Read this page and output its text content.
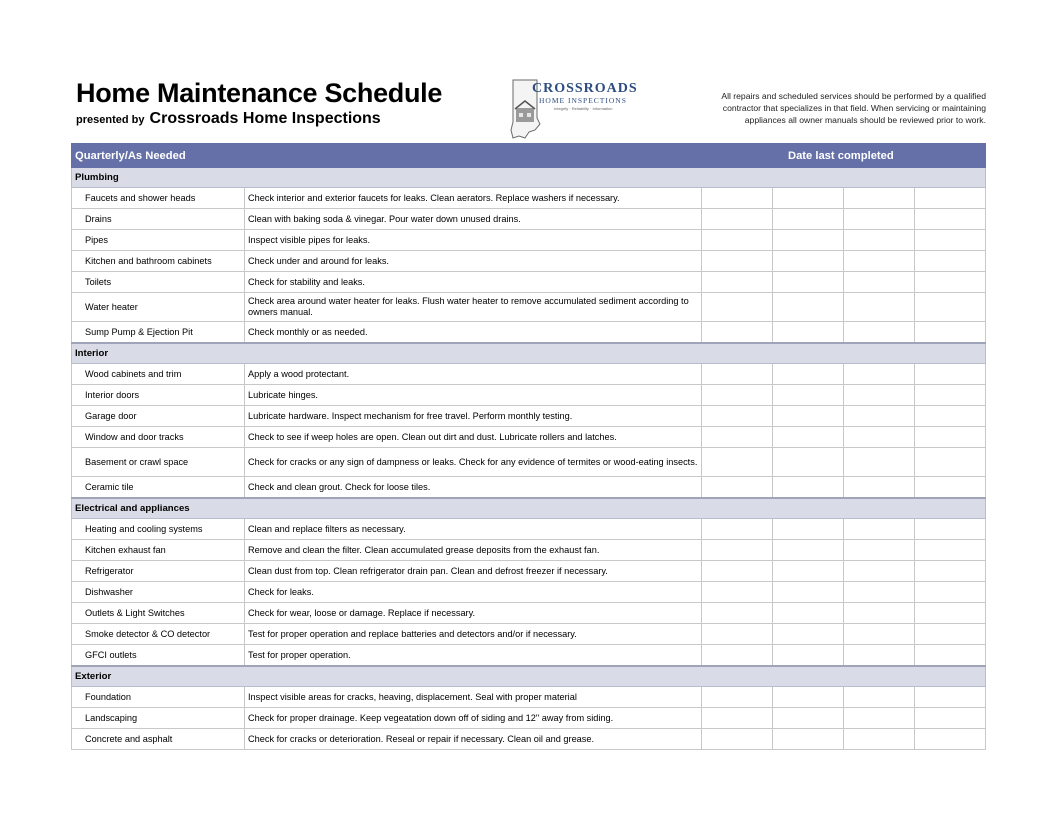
Home Maintenance Schedule
presented by Crossroads Home Inspections
CROSSROADS
HOME INSPECTIONS
Integrity · Reliability · Information
All repairs and scheduled services should be performed by a qualified contractor that specializes in that field. When servicing or maintaining appliances all owner manuals should be reviewed prior to work.
Quarterly/As Needed			Date last completed		
Plumbing					
Faucets and shower heads	Check interior and exterior faucets for leaks. Clean aerators. Replace washers if necessary.				
Drains	Clean with baking soda & vinegar. Pour water down unused drains.				
Pipes	Inspect visible pipes for leaks.				
Kitchen and bathroom cabinets	Check under and around for leaks.				
Toilets	Check for stability and leaks.				
Water heater	Check area around water heater for leaks. Flush water heater to remove accumulated sediment according to owners manual.				
Sump Pump & Ejection Pit	Check monthly or as needed.				
Interior					
Wood cabinets and trim	Apply a wood protectant.				
Interior doors	Lubricate hinges.				
Garage door	Lubricate hardware. Inspect mechanism for free travel. Perform monthly testing.				
Window and door tracks	Check to see if weep holes are open. Clean out dirt and dust. Lubricate rollers and latches.				
Basement or crawl space	Check for cracks or any sign of dampness or leaks. Check for any evidence of termites or wood-eating insects.				
Ceramic tile	Check and clean grout. Check for loose tiles.				
Electrical and appliances					
Heating and cooling systems	Clean and replace filters as necessary.				
Kitchen exhaust fan	Remove and clean the filter. Clean accumulated grease deposits from the exhaust fan.				
Refrigerator	Clean dust from top. Clean refrigerator drain pan. Clean and defrost freezer if necessary.				
Dishwasher	Check for leaks.				
Outlets & Light Switches	Check for wear, loose or damage. Replace if necessary.				
Smoke detector & CO detector	Test for proper operation and replace batteries and detectors and/or if necessary.				
GFCI outlets	Test for proper operation.				
Exterior					
Foundation	Inspect visible areas for cracks, heaving, displacement. Seal with proper material				
Landscaping	Check for proper drainage. Keep vegeatation down off of siding and 12" away from siding.				
Concrete and asphalt	Check for cracks or deterioration. Reseal or repair if necessary. Clean oil and grease.				
